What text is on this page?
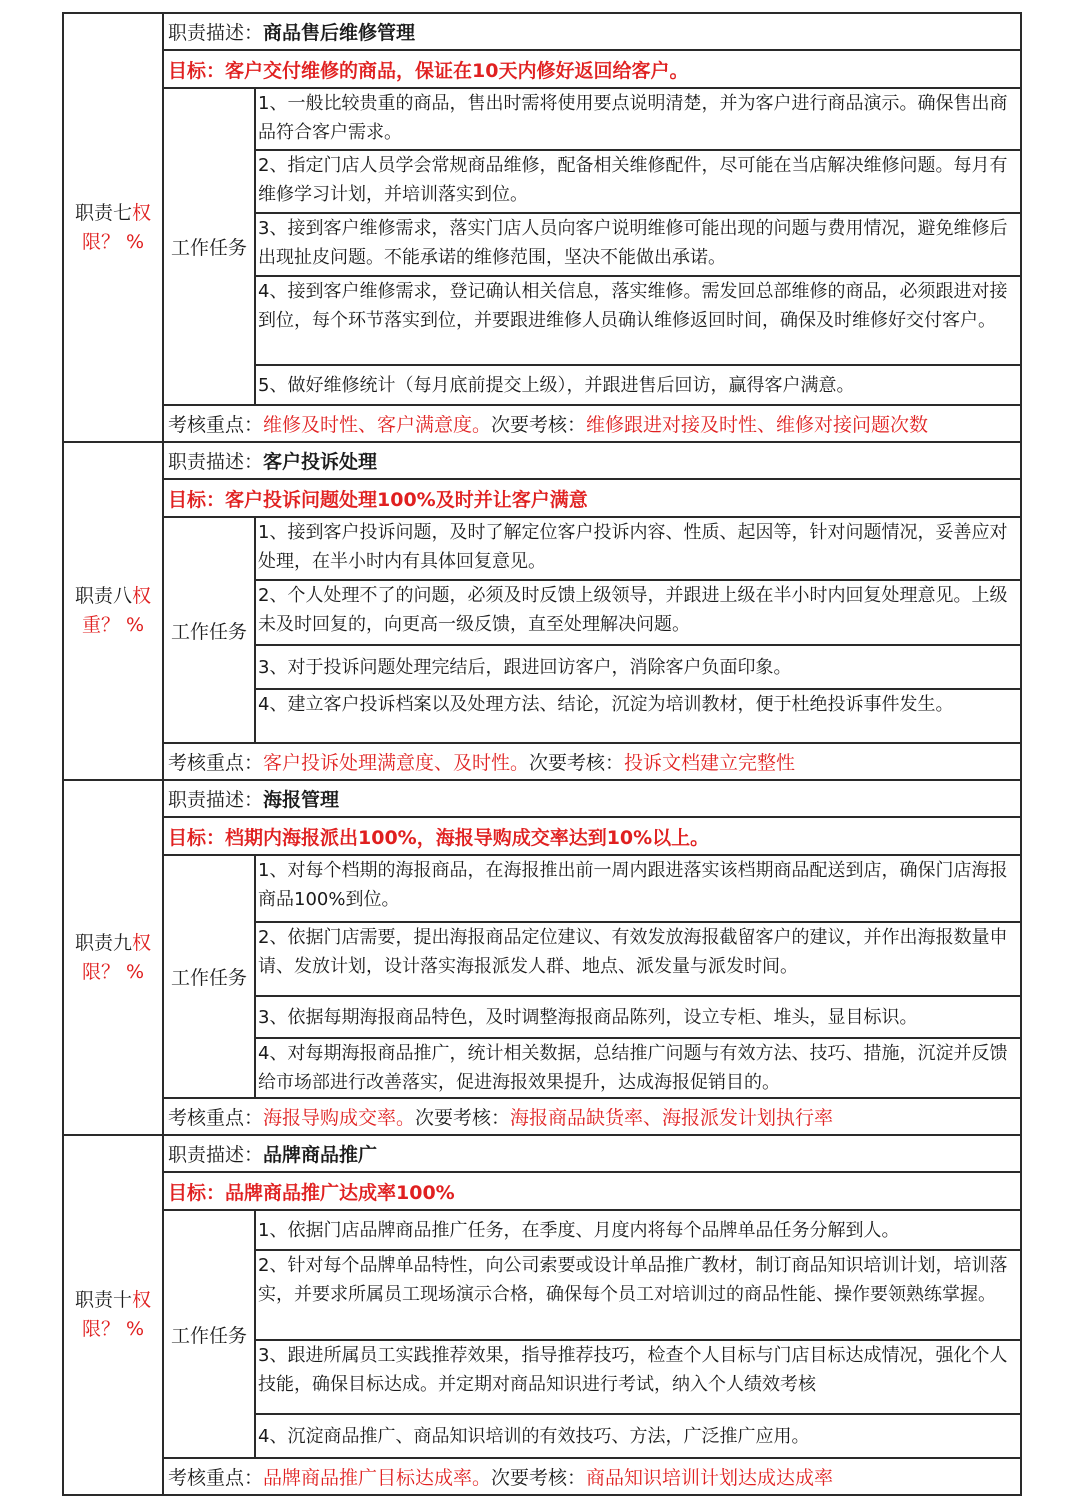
职责七权
限？ %	职责描述：商品售后维修管理	
	目标：客户交付维修的商品，保证在10天内修好返回给客户。	
	工作任务	1、一般比较贵重的商品，售出时需将使用要点说明清楚，并为客户进行商品演示。确保售出商品符合客户需求。
		2、指定门店人员学会常规商品维修，配备相关维修配件，尽可能在当店解决维修问题。每月有维修学习计划，并培训落实到位。
		3、接到客户维修需求，落实门店人员向客户说明维修可能出现的问题与费用情况，避免维修后出现扯皮问题。不能承诺的维修范围，坚决不能做出承诺。
		4、接到客户维修需求，登记确认相关信息，落实维修。需发回总部维修的商品，必须跟进对接到位，每个环节落实到位，并要跟进维修人员确认维修返回时间，确保及时维修好交付客户。
		5、做好维修统计（每月底前提交上级），并跟进售后回访，赢得客户满意。
	考核重点：维修及时性、客户满意度。次要考核：维修跟进对接及时性、维修对接问题次数	
职责八权
重？ %	职责描述：客户投诉处理	
	目标：客户投诉问题处理100%及时并让客户满意	
	工作任务	1、接到客户投诉问题，及时了解定位客户投诉内容、性质、起因等，针对问题情况，妥善应对处理，在半小时内有具体回复意见。
		2、个人处理不了的问题，必须及时反馈上级领导，并跟进上级在半小时内回复处理意见。上级未及时回复的，向更高一级反馈，直至处理解决问题。
		3、对于投诉问题处理完结后，跟进回访客户，消除客户负面印象。
		4、建立客户投诉档案以及处理方法、结论，沉淀为培训教材，便于杜绝投诉事件发生。
	考核重点：客户投诉处理满意度、及时性。次要考核：投诉文档建立完整性	
职责九权
限？ %	职责描述：海报管理	
	目标：档期内海报派出100%，海报导购成交率达到10%以上。	
	工作任务	1、对每个档期的海报商品，在海报推出前一周内跟进落实该档期商品配送到店，确保门店海报商品100%到位。
		2、依据门店需要，提出海报商品定位建议、有效发放海报截留客户的建议，并作出海报数量申请、发放计划，设计落实海报派发人群、地点、派发量与派发时间。
		3、依据每期海报商品特色，及时调整海报商品陈列，设立专柜、堆头，显目标识。
		4、对每期海报商品推广，统计相关数据，总结推广问题与有效方法、技巧、措施，沉淀并反馈给市场部进行改善落实，促进海报效果提升，达成海报促销目的。
	考核重点：海报导购成交率。次要考核：海报商品缺货率、海报派发计划执行率	
职责十权
限？ %	职责描述：品牌商品推广	
	目标：品牌商品推广达成率100%	
	工作任务	1、依据门店品牌商品推广任务，在季度、月度内将每个品牌单品任务分解到人。
		2、针对每个品牌单品特性，向公司索要或设计单品推广教材，制订商品知识培训计划，培训落实，并要求所属员工现场演示合格，确保每个员工对培训过的商品性能、操作要领熟练掌握。
		3、跟进所属员工实践推荐效果，指导推荐技巧，检查个人目标与门店目标达成情况，强化个人技能，确保目标达成。并定期对商品知识进行考试，纳入个人绩效考核
		4、沉淀商品推广、商品知识培训的有效技巧、方法，广泛推广应用。
	考核重点：品牌商品推广目标达成率。次要考核：商品知识培训计划达成达成率	
